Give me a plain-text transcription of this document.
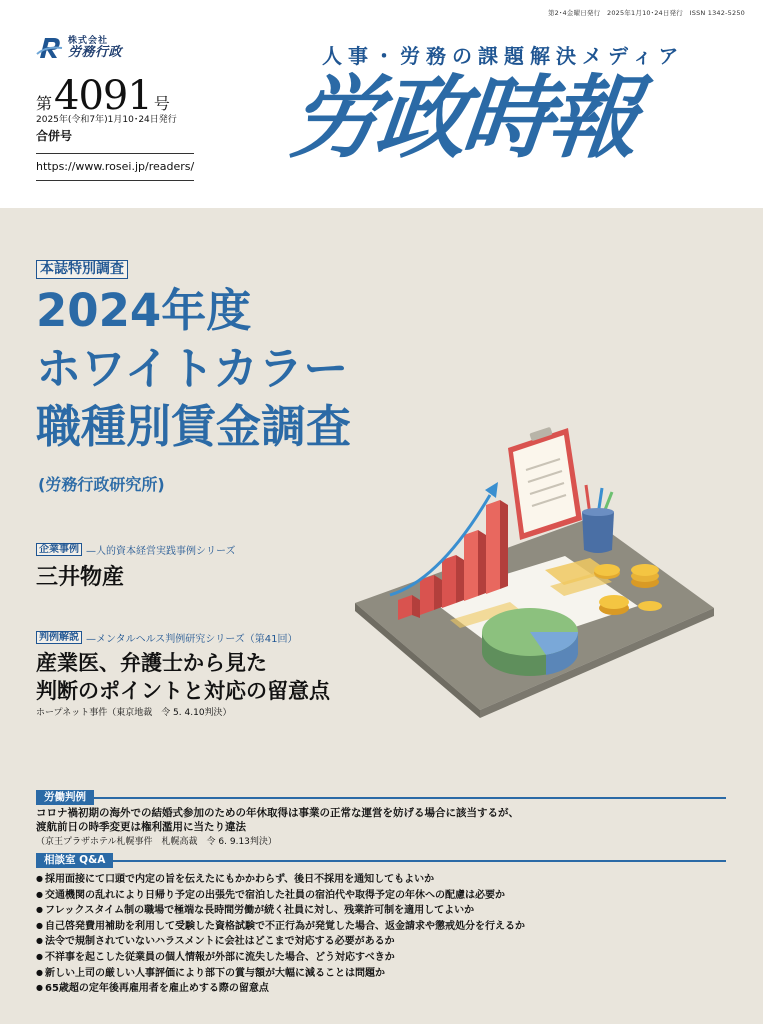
第2･4金曜日発行　2025年1月10･24日発行　ISSN 1342-5250
株式会社
労務行政
第 4091 号
2025年(令和7年)1月10･24日発行
合併号
https://www.rosei.jp/readers/
人事・労務の課題解決メディア
労政時報
本誌特別調査
2024年度
ホワイトカラー
職種別賃金調査
(労務行政研究所)
企業事例 —人的資本経営実践事例シリーズ
三井物産
判例解説 —メンタルヘルス判例研究シリーズ（第41回）
産業医、弁護士から見た
判断のポイントと対応の留意点
ホープネット事件（東京地裁　令 5. 4.10判決）
労働判例
コロナ禍初期の海外での結婚式参加のための年休取得は事業の正常な運営を妨げる場合に該当するが、
渡航前日の時季変更は権利濫用に当たり違法
（京王プラザホテル札幌事件　札幌高裁　令 6. 9.13判決）
相談室 Q&A
● 採用面接にて口頭で内定の旨を伝えたにもかかわらず、後日不採用を通知してもよいか
● 交通機関の乱れにより日帰り予定の出張先で宿泊した社員の宿泊代や取得予定の年休への配慮は必要か
● フレックスタイム制の職場で極端な長時間労働が続く社員に対し、残業許可制を適用してよいか
● 自己啓発費用補助を利用して受験した資格試験で不正行為が発覚した場合、返金請求や懲戒処分を行えるか
● 法令で規制されていないハラスメントに会社はどこまで対応する必要があるか
● 不祥事を起こした従業員の個人情報が外部に流失した場合、どう対応すべきか
● 新しい上司の厳しい人事評価により部下の賞与額が大幅に減ることは問題か
● 65歳超の定年後再雇用者を雇止めする際の留意点
